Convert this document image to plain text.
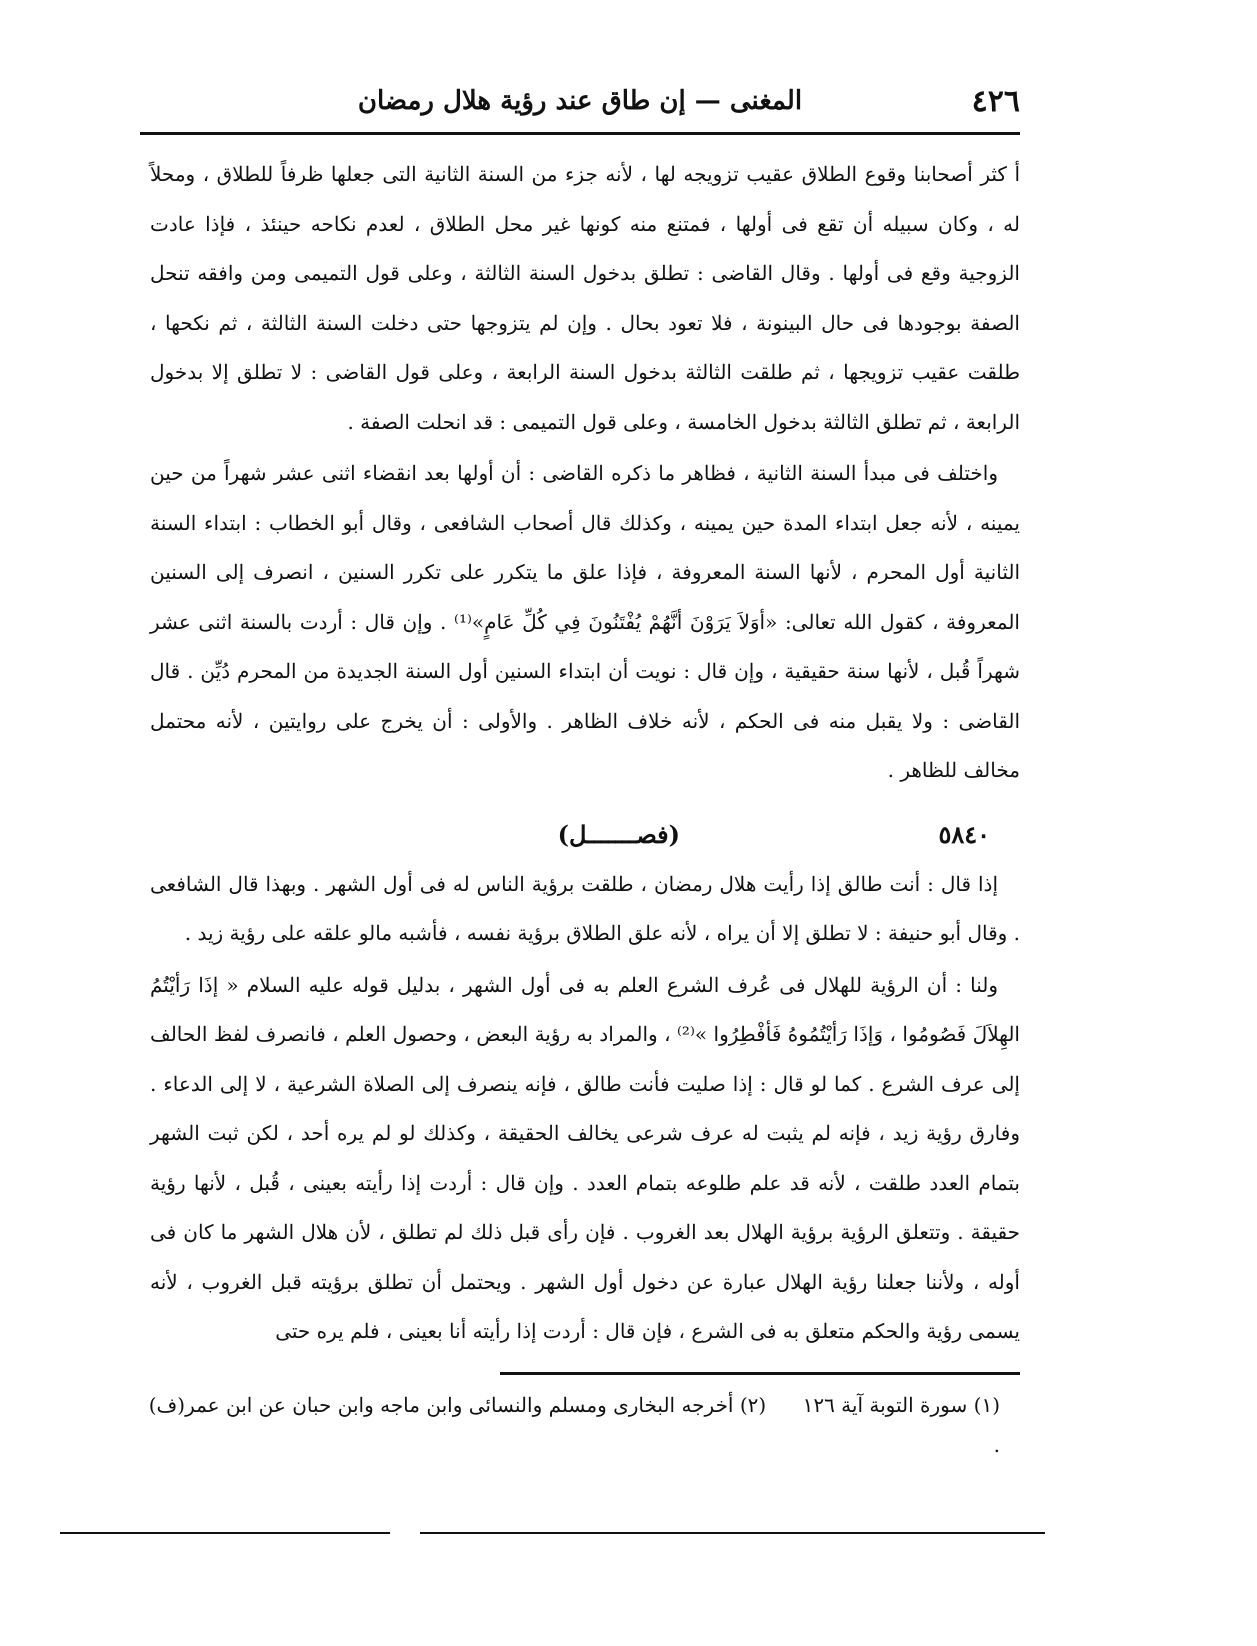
٤٢٦
المغنى — إن طاق عند رؤية هلال رمضان

أ كثر أصحابنا وقوع الطلاق عقيب تزويجه لها ، لأنه جزء من السنة الثانية التى جعلها ظرفاً للطلاق ، ومحلاً له ، وكان سبيله أن تقع فى أولها ، فمتنع منه كونها غير محل الطلاق ، لعدم نكاحه حينئذ ، فإذا عادت الزوجية وقع فى أولها . وقال القاضى : تطلق بدخول السنة الثالثة ، وعلى قول التميمى ومن وافقه تنحل الصفة بوجودها فى حال البينونة ، فلا تعود بحال . وإن لم يتزوجها حتى دخلت السنة الثالثة ، ثم نكحها ، طلقت عقيب تزويجها ، ثم طلقت الثالثة بدخول السنة الرابعة ، وعلى قول القاضى : لا تطلق إلا بدخول الرابعة ، ثم تطلق الثالثة بدخول الخامسة ، وعلى قول التميمى : قد انحلت الصفة .

واختلف فى مبدأ السنة الثانية ، فظاهر ما ذكره القاضى : أن أولها بعد انقضاء اثنى عشر شهراً من حين يمينه ، لأنه جعل ابتداء المدة حين يمينه ، وكذلك قال أصحاب الشافعى ، وقال أبو الخطاب : ابتداء السنة الثانية أول المحرم ، لأنها السنة المعروفة ، فإذا علق ما يتكرر على تكرر السنين ، انصرف إلى السنين المعروفة ، كقول الله تعالى: «أوَلاَ يَرَوْنَ أنَّهُمْ يُفْتَنُونَ فِي كُلِّ عَامٍ»⁽¹⁾ . وإن قال : أردت بالسنة اثنى عشر شهراً قُبل ، لأنها سنة حقيقية ، وإن قال : نويت أن ابتداء السنين أول السنة الجديدة من المحرم دُيِّن . قال القاضى : ولا يقبل منه فى الحكم ، لأنه خلاف الظاهر . والأولى : أن يخرج على روايتين ، لأنه محتمل مخالف للظاهر .

٥٨٤٠
(فصـــــــل)

إذا قال : أنت طالق إذا رأيت هلال رمضان ، طلقت برؤية الناس له فى أول الشهر . وبهذا قال الشافعى . وقال أبو حنيفة : لا تطلق إلا أن يراه ، لأنه علق الطلاق برؤية نفسه ، فأشبه مالو علقه على رؤية زيد .

ولنا : أن الرؤية للهلال فى عُرف الشرع العلم به فى أول الشهر ، بدليل قوله عليه السلام « إذَا رَأيْتُمُ الهِلاَلَ فَصُومُوا ، وَإذَا رَأيْتُمُوهُ فَأفْطِرُوا »⁽²⁾ ، والمراد به رؤية البعض ، وحصول العلم ، فانصرف لفظ الحالف إلى عرف الشرع . كما لو قال : إذا صليت فأنت طالق ، فإنه ينصرف إلى الصلاة الشرعية ، لا إلى الدعاء . وفارق رؤية زيد ، فإنه لم يثبت له عرف شرعى يخالف الحقيقة ، وكذلك لو لم يره أحد ، لكن ثبت الشهر بتمام العدد طلقت ، لأنه قد علم طلوعه بتمام العدد . وإن قال : أردت إذا رأيته بعينى ، قُبل ، لأنها رؤية حقيقة . وتتعلق الرؤية برؤية الهلال بعد الغروب . فإن رأى قبل ذلك لم تطلق ، لأن هلال الشهر ما كان فى أوله ، ولأننا جعلنا رؤية الهلال عبارة عن دخول أول الشهر . ويحتمل أن تطلق برؤيته قبل الغروب ، لأنه يسمى رؤية والحكم متعلق به فى الشرع ، فإن قال : أردت إذا رأيته أنا بعينى ، فلم يره حتى

(١) سورة التوبة آية ١٢٦ (٢) أخرجه البخارى ومسلم والنسائى وابن ماجه وابن حبان عن ابن عمر(ف) .
